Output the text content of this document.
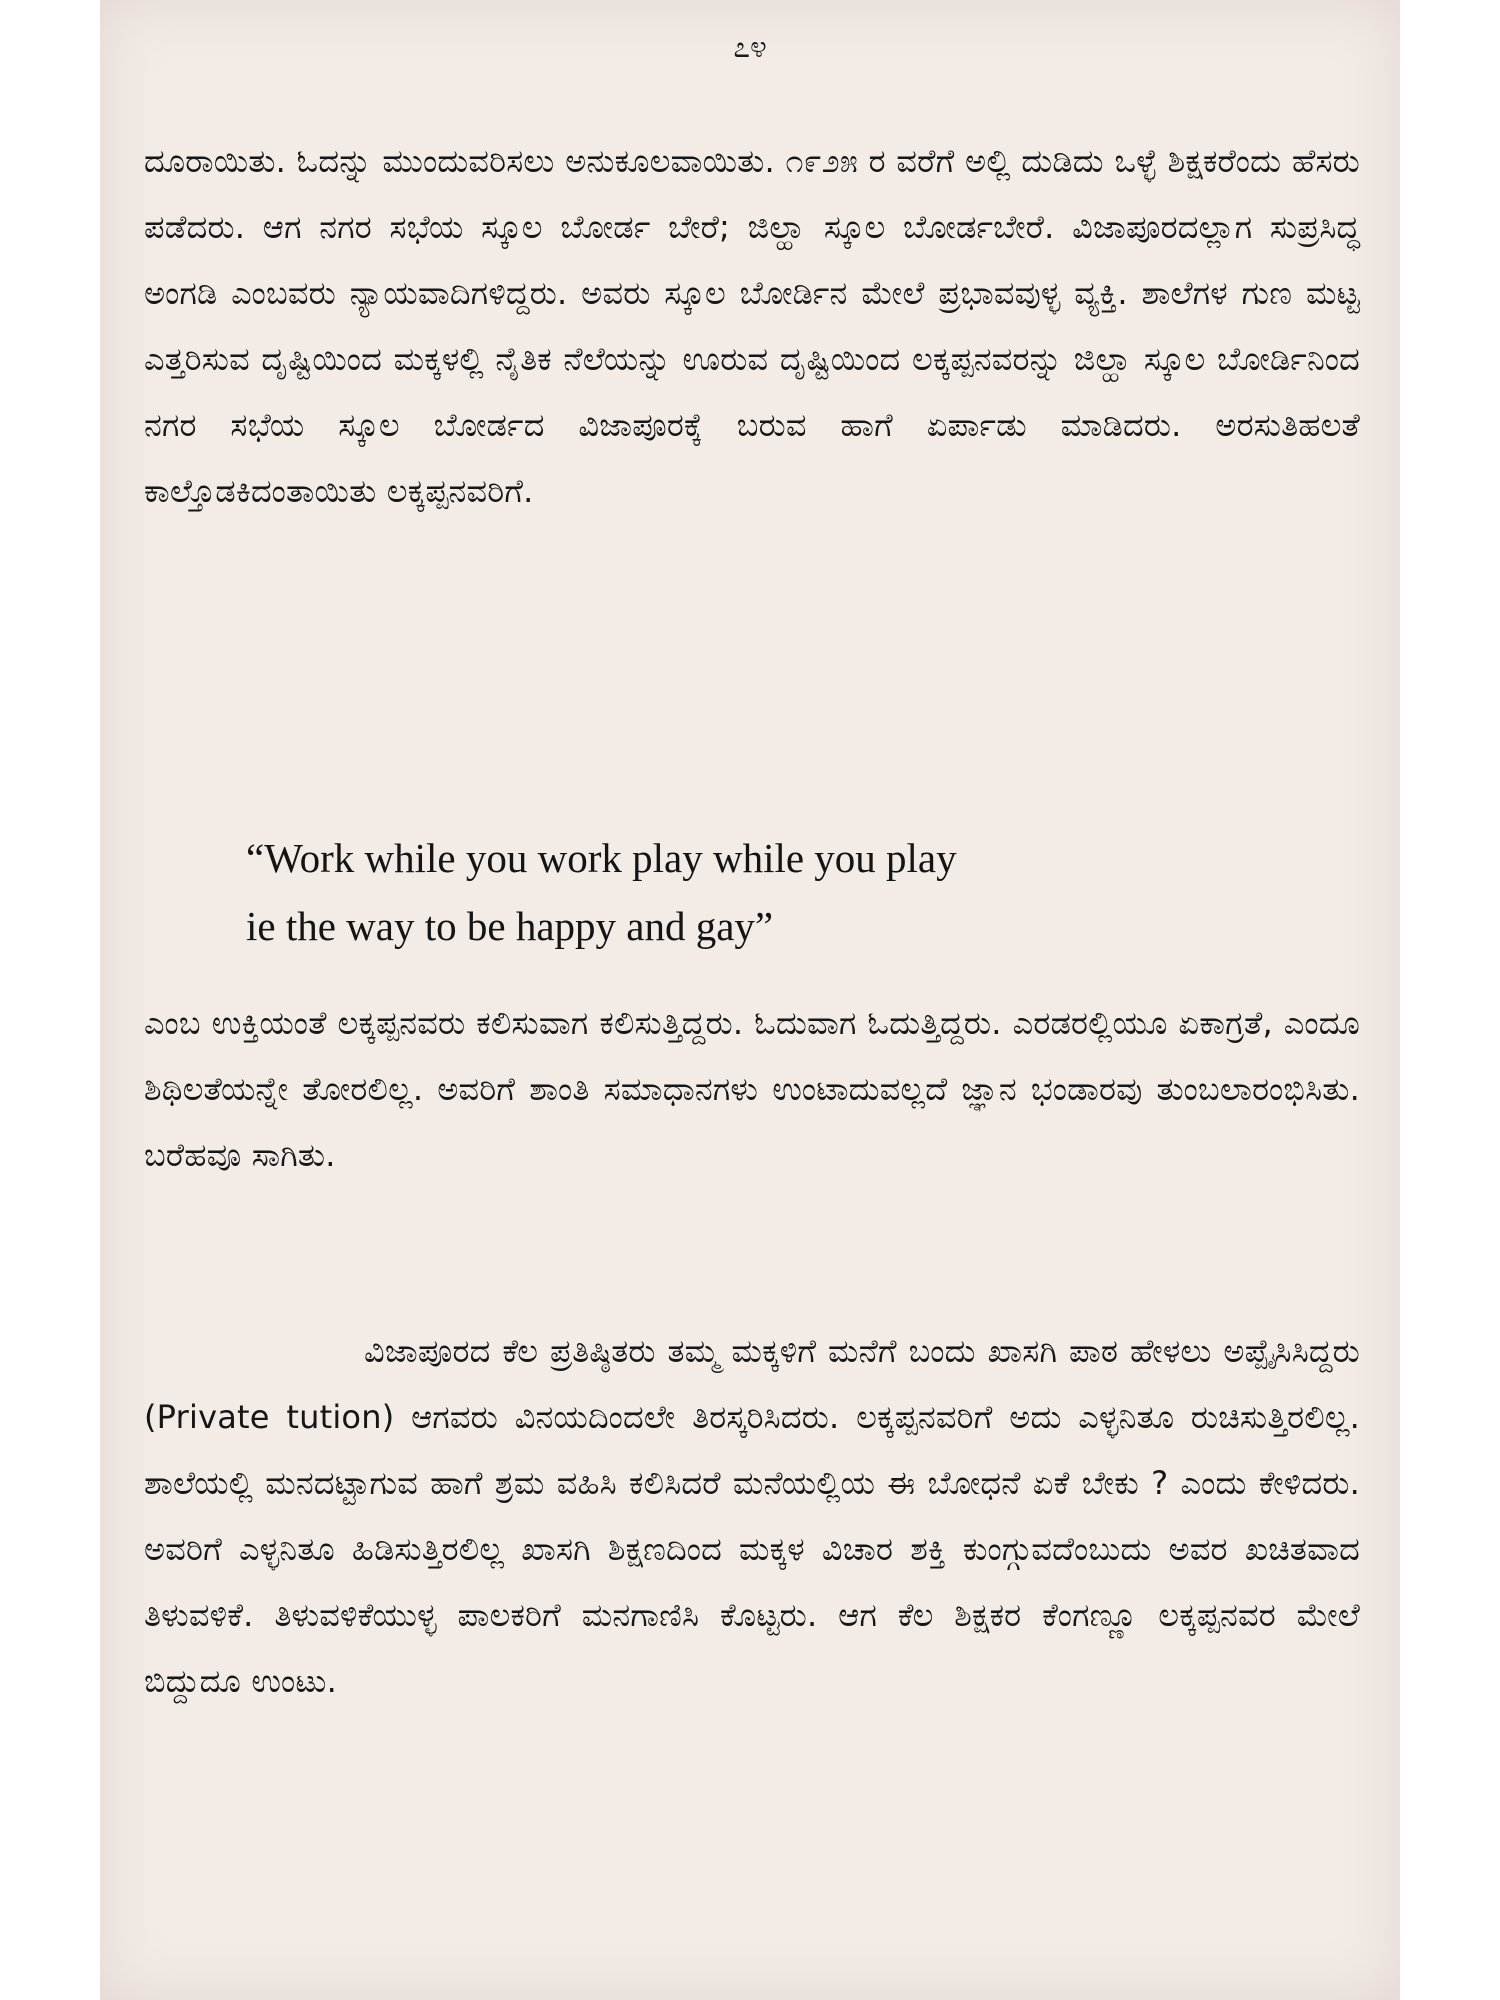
೭೪

ದೂರಾಯಿತು. ಓದನ್ನು ಮುಂದುವರಿಸಲು ಅನುಕೂಲವಾಯಿತು. ೧೯೨೫ ರ ವರೆಗೆ ಅಲ್ಲಿ ದುಡಿದು ಒಳ್ಳೆ ಶಿಕ್ಷಕರೆಂದು ಹೆಸರು ಪಡೆದರು. ಆಗ ನಗರ ಸಭೆಯ ಸ್ಕೂಲ ಬೋರ್ಡ ಬೇರೆ; ಜಿಲ್ಹಾ ಸ್ಕೂಲ ಬೋರ್ಡಬೇರೆ. ವಿಜಾಪೂರದಲ್ಲಾಗ ಸುಪ್ರಸಿದ್ಧ ಅಂಗಡಿ ಎಂಬವರು ನ್ಯಾಯವಾದಿಗಳಿದ್ದರು. ಅವರು ಸ್ಕೂಲ ಬೋರ್ಡಿನ ಮೇಲೆ ಪ್ರಭಾವವುಳ್ಳ ವ್ಯಕ್ತಿ. ಶಾಲೆಗಳ ಗುಣ ಮಟ್ಟ ಎತ್ತರಿಸುವ ದೃಷ್ಟಿಯಿಂದ ಮಕ್ಕಳಲ್ಲಿ ನೈತಿಕ ನೆಲೆಯನ್ನು ಊರುವ ದೃಷ್ಟಿಯಿಂದ ಲಕ್ಕಪ್ಪನವರನ್ನು ಜಿಲ್ಹಾ ಸ್ಕೂಲ ಬೋರ್ಡಿನಿಂದ ನಗರ ಸಭೆಯ ಸ್ಕೂಲ ಬೋರ್ಡದ ವಿಜಾಪೂರಕ್ಕೆ ಬರುವ ಹಾಗೆ ಏರ್ಪಾಡು ಮಾಡಿದರು. ಅರಸುತಿಹಲತೆ ಕಾಲ್ತೊಡಕಿದಂತಾಯಿತು ಲಕ್ಕಪ್ಪನವರಿಗೆ.

“Work while you work play while you play
ie the way to be happy and gay”

ಎಂಬ ಉಕ್ತಿಯಂತೆ ಲಕ್ಕಪ್ಪನವರು ಕಲಿಸುವಾಗ ಕಲಿಸುತ್ತಿದ್ದರು. ಓದುವಾಗ ಓದುತ್ತಿದ್ದರು. ಎರಡರಲ್ಲಿಯೂ ಏಕಾಗ್ರತೆ, ಎಂದೂ ಶಿಥಿಲತೆಯನ್ನೇ ತೋರಲಿಲ್ಲ. ಅವರಿಗೆ ಶಾಂತಿ ಸಮಾಧಾನಗಳು ಉಂಟಾದುವಲ್ಲದೆ ಜ್ಞಾನ ಭಂಡಾರವು ತುಂಬಲಾರಂಭಿಸಿತು. ಬರೆಹವೂ ಸಾಗಿತು.

ವಿಜಾಪೂರದ ಕೆಲ ಪ್ರತಿಷ್ಠಿತರು ತಮ್ಮ ಮಕ್ಕಳಿಗೆ ಮನೆಗೆ ಬಂದು ಖಾಸಗಿ ಪಾಠ ಹೇಳಲು ಅಪ್ಪೈಸಿಸಿದ್ದರು (Private tution) ಆಗವರು ವಿನಯದಿಂದಲೇ ತಿರಸ್ಕರಿಸಿದರು. ಲಕ್ಕಪ್ಪನವರಿಗೆ ಅದು ಎಳ್ಳನಿತೂ ರುಚಿಸುತ್ತಿರಲಿಲ್ಲ. ಶಾಲೆಯಲ್ಲಿ ಮನದಟ್ಟಾಗುವ ಹಾಗೆ ಶ್ರಮ ವಹಿಸಿ ಕಲಿಸಿದರೆ ಮನೆಯಲ್ಲಿಯ ಈ ಬೋಧನೆ ಏಕೆ ಬೇಕು ? ಎಂದು ಕೇಳಿದರು. ಅವರಿಗೆ ಎಳ್ಳನಿತೂ ಹಿಡಿಸುತ್ತಿರಲಿಲ್ಲ ಖಾಸಗಿ ಶಿಕ್ಷಣದಿಂದ ಮಕ್ಕಳ ವಿಚಾರ ಶಕ್ತಿ ಕುಂಗ್ಗುವದೆಂಬುದು ಅವರ ಖಚಿತವಾದ ತಿಳುವಳಿಕೆ. ತಿಳುವಳಿಕೆಯುಳ್ಳ ಪಾಲಕರಿಗೆ ಮನಗಾಣಿಸಿ ಕೊಟ್ಟರು. ಆಗ ಕೆಲ ಶಿಕ್ಷಕರ ಕೆಂಗಣ್ಣೂ ಲಕ್ಕಪ್ಪನವರ ಮೇಲೆ ಬಿದ್ದುದೂ ಉಂಟು.
